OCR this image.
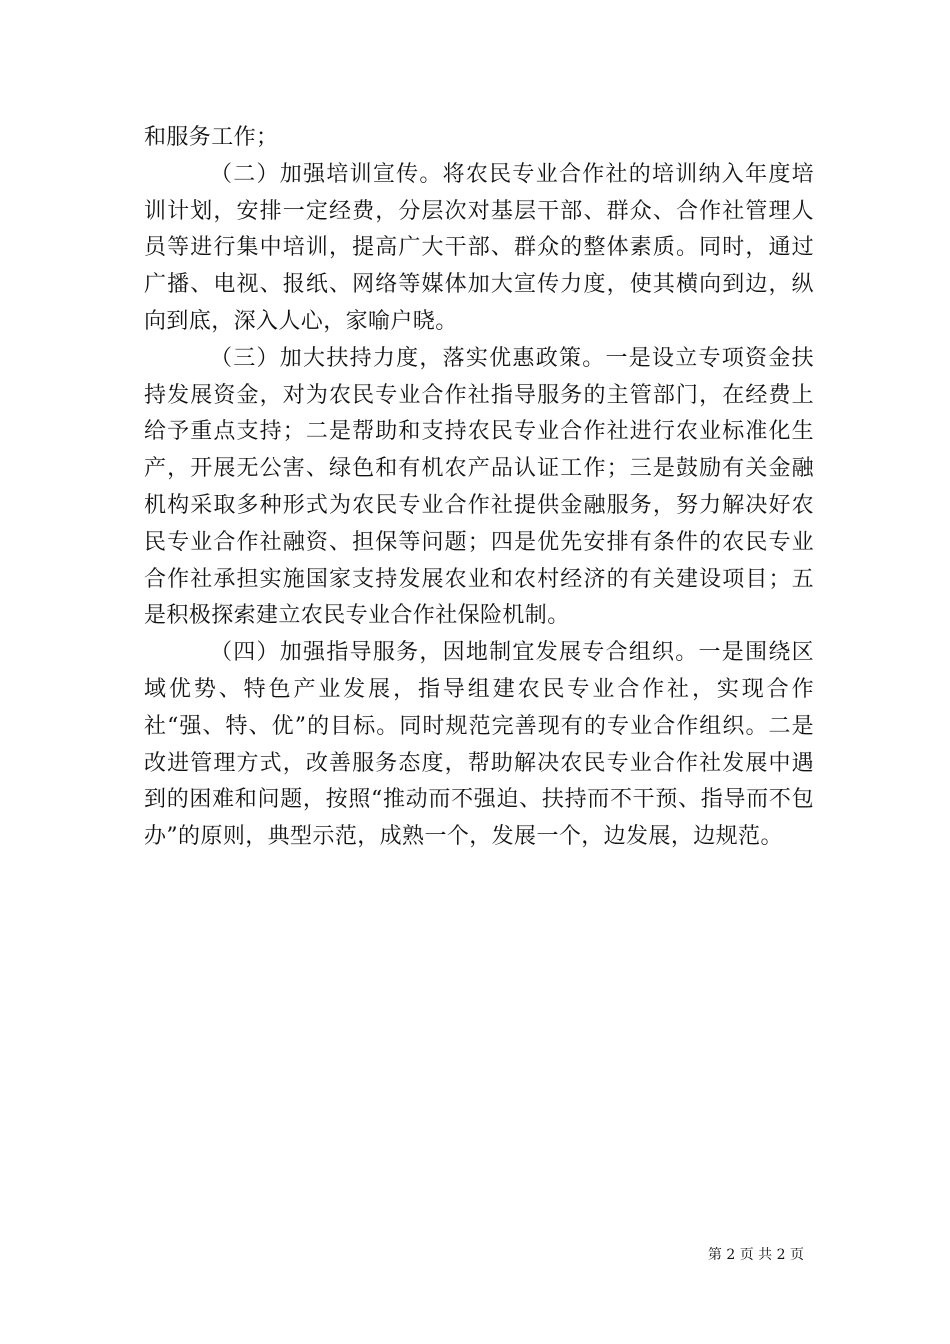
和服务工作；

（二）加强培训宣传。将农民专业合作社的培训纳入年度培训计划，安排一定经费，分层次对基层干部、群众、合作社管理人员等进行集中培训，提高广大干部、群众的整体素质。同时，通过广播、电视、报纸、网络等媒体加大宣传力度，使其横向到边，纵向到底，深入人心，家喻户晓。

（三）加大扶持力度，落实优惠政策。一是设立专项资金扶持发展资金，对为农民专业合作社指导服务的主管部门，在经费上给予重点支持；二是帮助和支持农民专业合作社进行农业标准化生产，开展无公害、绿色和有机农产品认证工作；三是鼓励有关金融机构采取多种形式为农民专业合作社提供金融服务，努力解决好农民专业合作社融资、担保等问题；四是优先安排有条件的农民专业合作社承担实施国家支持发展农业和农村经济的有关建设项目；五是积极探索建立农民专业合作社保险机制。

（四）加强指导服务，因地制宜发展专合组织。一是围绕区域优势、特色产业发展，指导组建农民专业合作社，实现合作社“强、特、优”的目标。同时规范完善现有的专业合作组织。二是改进管理方式，改善服务态度，帮助解决农民专业合作社发展中遇到的困难和问题，按照“推动而不强迫、扶持而不干预、指导而不包办”的原则，典型示范，成熟一个，发展一个，边发展，边规范。

第 2 页 共 2 页
